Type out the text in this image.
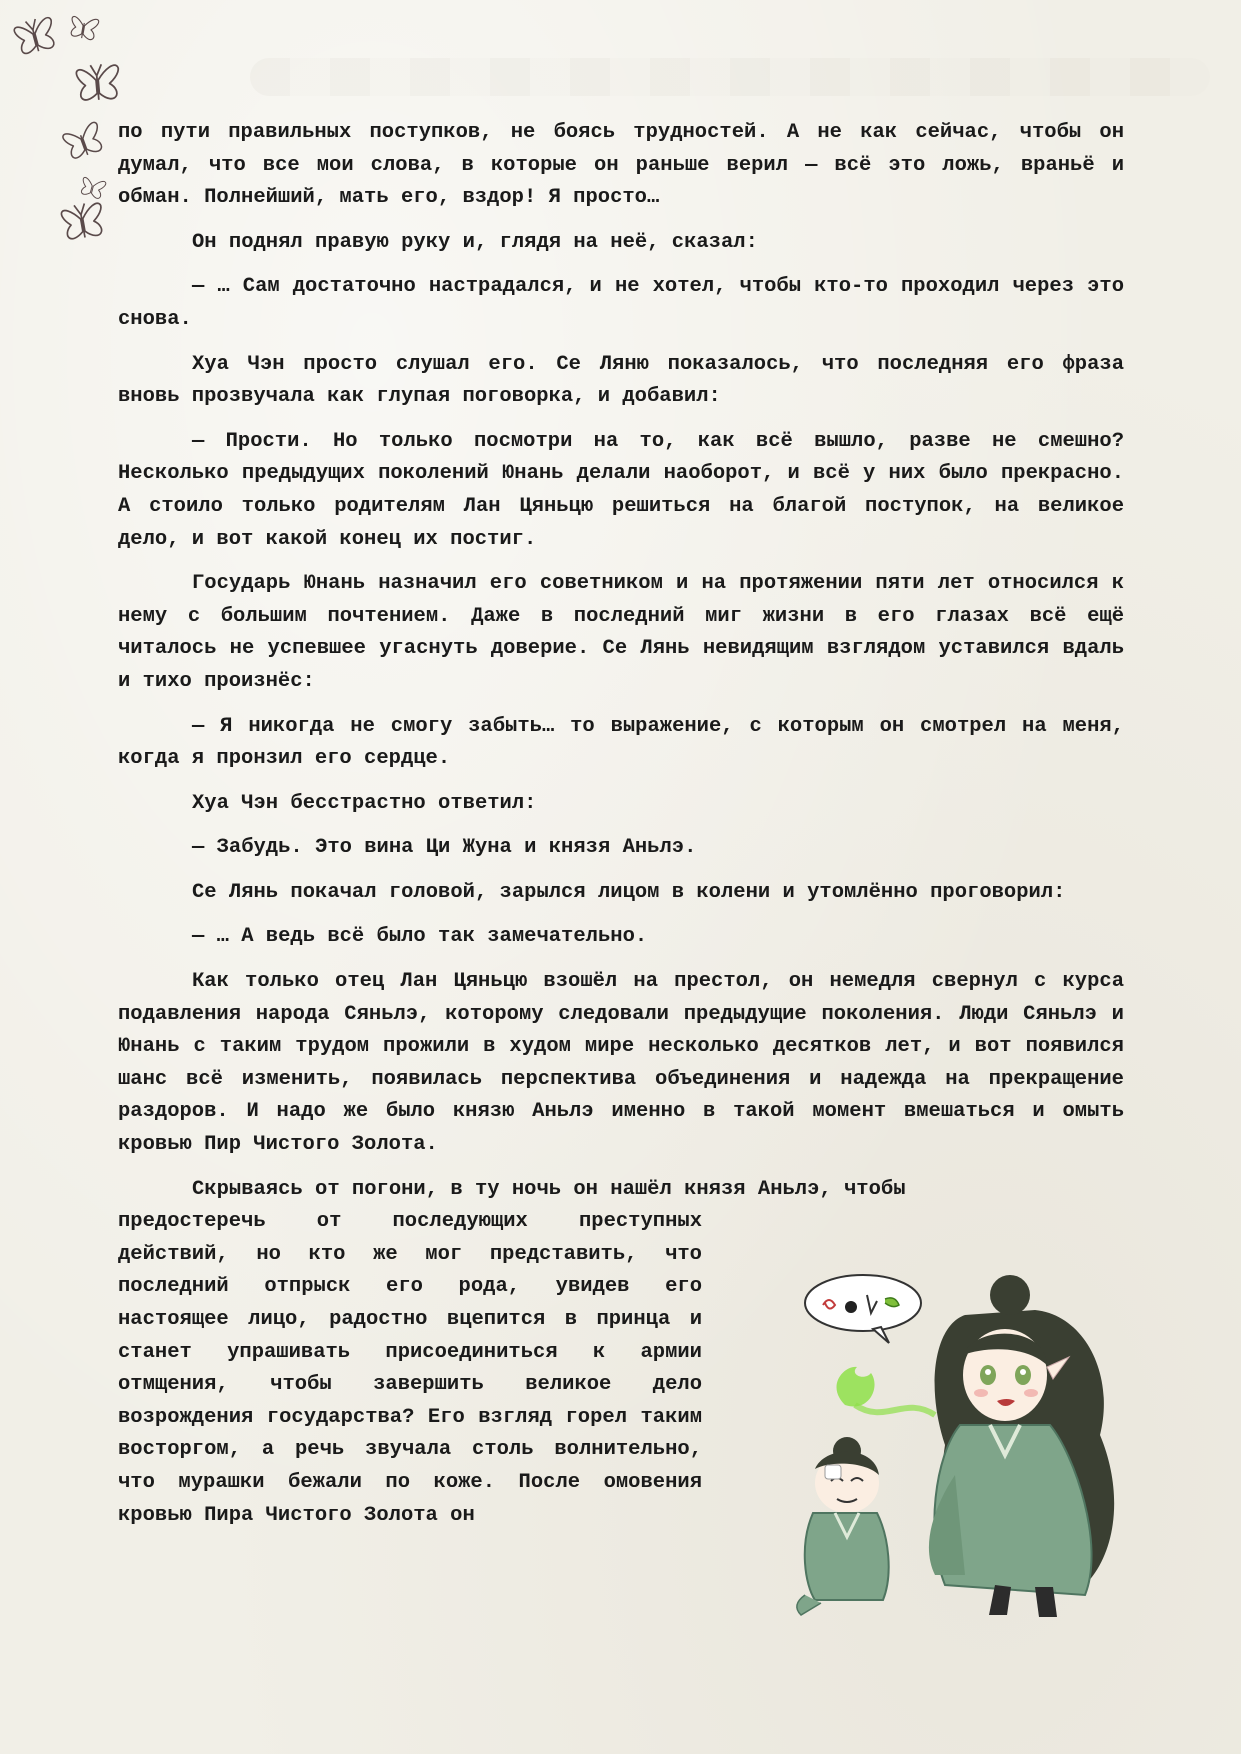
по пути правильных поступков, не боясь трудностей. А не как сейчас, чтобы он думал, что все мои слова, в которые он раньше верил — всё это ложь, враньё и обман. Полнейший, мать его, вздор! Я просто…

Он поднял правую руку и, глядя на неё, сказал:

— … Сам достаточно настрадался, и не хотел, чтобы кто-то проходил через это снова.

Хуа Чэн просто слушал его. Се Ляню показалось, что последняя его фраза вновь прозвучала как глупая поговорка, и добавил:

— Прости. Но только посмотри на то, как всё вышло, разве не смешно? Несколько предыдущих поколений Юнань делали наоборот, и всё у них было прекрасно. А стоило только родителям Лан Цяньцю решиться на благой поступок, на великое дело, и вот какой конец их постиг.

Государь Юнань назначил его советником и на протяжении пяти лет относился к нему с большим почтением. Даже в последний миг жизни в его глазах всё ещё читалось не успевшее угаснуть доверие. Се Лянь невидящим взглядом уставился вдаль и тихо произнёс:

— Я никогда не смогу забыть… то выражение, с которым он смотрел на меня, когда я пронзил его сердце.

Хуа Чэн бесстрастно ответил:

— Забудь. Это вина Ци Жуна и князя Аньлэ.

Се Лянь покачал головой, зарылся лицом в колени и утомлённо проговорил:

— … А ведь всё было так замечательно.

Как только отец Лан Цяньцю взошёл на престол, он немедля свернул с курса подавления народа Сяньлэ, которому следовали предыдущие поколения. Люди Сяньлэ и Юнань с таким трудом прожили в худом мире несколько десятков лет, и вот появился шанс всё изменить, появилась перспектива объединения и надежда на прекращение раздоров. И надо же было князю Аньлэ именно в такой момент вмешаться и омыть кровью Пир Чистого Золота.

Скрываясь от погони, в ту ночь он нашёл князя Аньлэ, чтобы

предостеречь от последующих преступных действий, но кто же мог представить, что последний отпрыск его рода, увидев его настоящее лицо, радостно вцепится в принца и станет упрашивать присоединиться к армии отмщения, чтобы завершить великое дело возрождения государства? Его взгляд горел таким восторгом, а речь звучала столь волнительно, что мурашки бежали по коже. После омовения кровью Пира Чистого Золота он
